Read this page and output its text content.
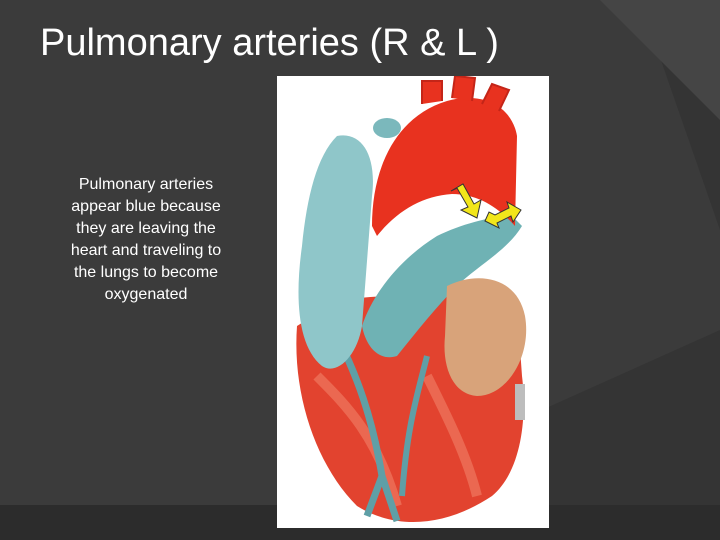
Pulmonary arteries (R & L )
Pulmonary arteries appear blue because they are leaving the heart and traveling to the lungs to become oxygenated
